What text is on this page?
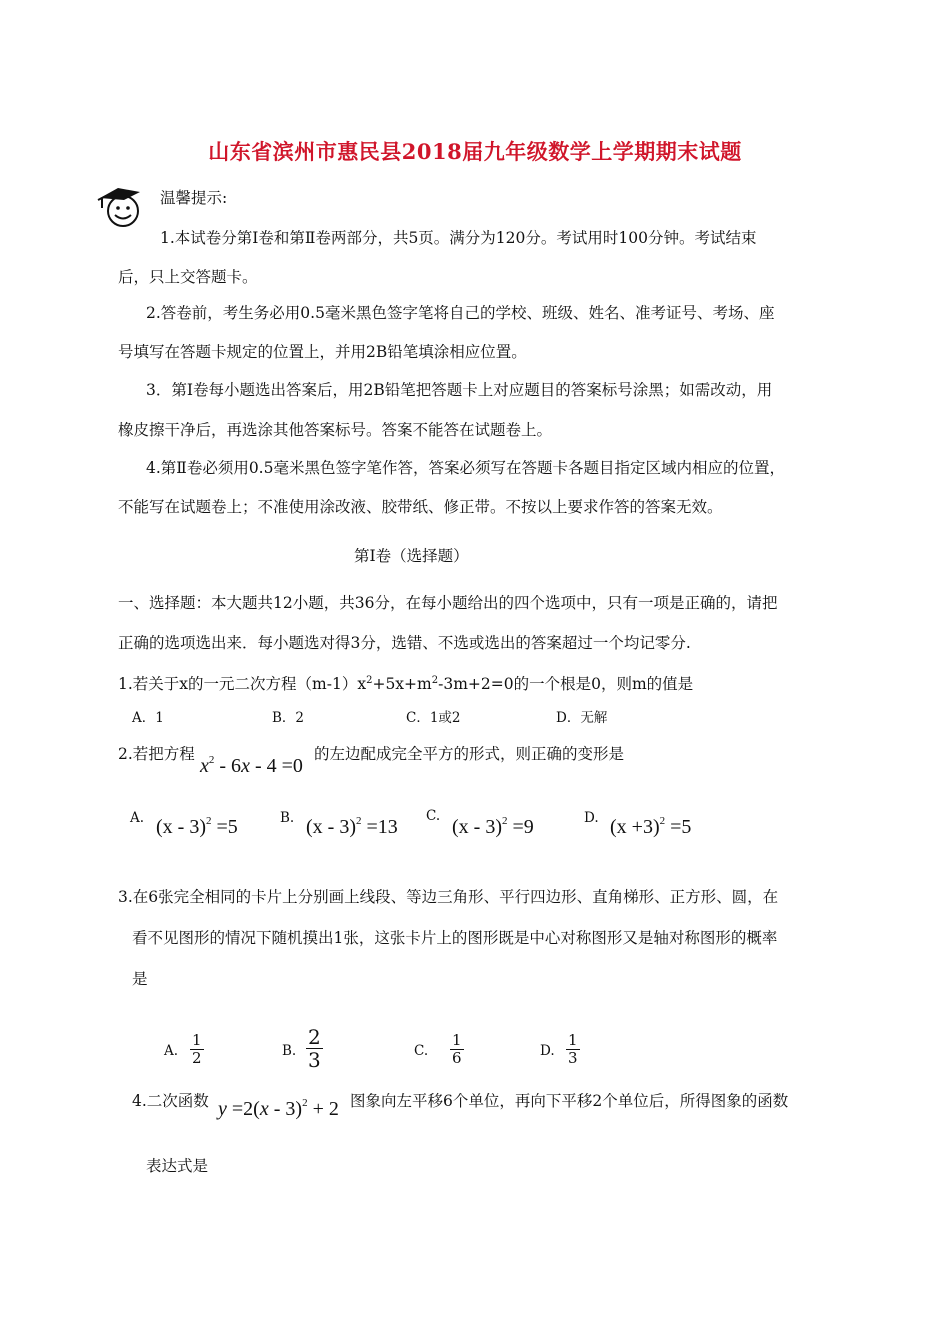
山东省滨州市惠民县2018届九年级数学上学期期末试题
温馨提示:
1.本试卷分第Ⅰ卷和第Ⅱ卷两部分，共5页。满分为120分。考试用时100分钟。考试结束
后，只上交答题卡。
2.答卷前，考生务必用0.5毫米黑色签字笔将自己的学校、班级、姓名、准考证号、考场、座
号填写在答题卡规定的位置上，并用2B铅笔填涂相应位置。
3．第Ⅰ卷每小题选出答案后，用2B铅笔把答题卡上对应题目的答案标号涂黑；如需改动，用
橡皮擦干净后，再选涂其他答案标号。答案不能答在试题卷上。
4.第Ⅱ卷必须用0.5毫米黑色签字笔作答，答案必须写在答题卡各题目指定区域内相应的位置，
不能写在试题卷上；不准使用涂改液、胶带纸、修正带。不按以上要求作答的答案无效。
第Ⅰ卷（选择题）
一、选择题：本大题共12小题，共36分，在每小题给出的四个选项中，只有一项是正确的，请把
正确的选项选出来．每小题选对得3分，选错、不选或选出的答案超过一个均记零分.
1.若关于x的一元二次方程$(m-1)x^2+5x+m^2-3m+2=0$的一个根是0，则m的值是
A．1	B．2	C．1或2	D．无解
2.若把方程
$x^2 - 6x - 4 =0$
的左边配成完全平方的形式，则正确的变形是
A. (x - 3)$^2$ =5	B. (x - 3)$^2$ =13 C. (x - 3)$^2$ =9	D. $(x +3)^2 =5$
3.在6张完全相同的卡片上分别画上线段、等边三角形、平行四边形、直角梯形、正方形、圆，在
看不见图形的情况下随机摸出1张，这张卡片上的图形既是中心对称图形又是轴对称图形的概率
是
A. $\frac{1}{2}$	B. $\frac{2}{3}$	C. $\frac{1}{6}$	D. $\frac{1}{3}$
4.二次函数 y =2(x - 3)$^2$ + 2 图象向左平移6个单位，再向下平移2个单位后，所得图象的函数
表达式是
